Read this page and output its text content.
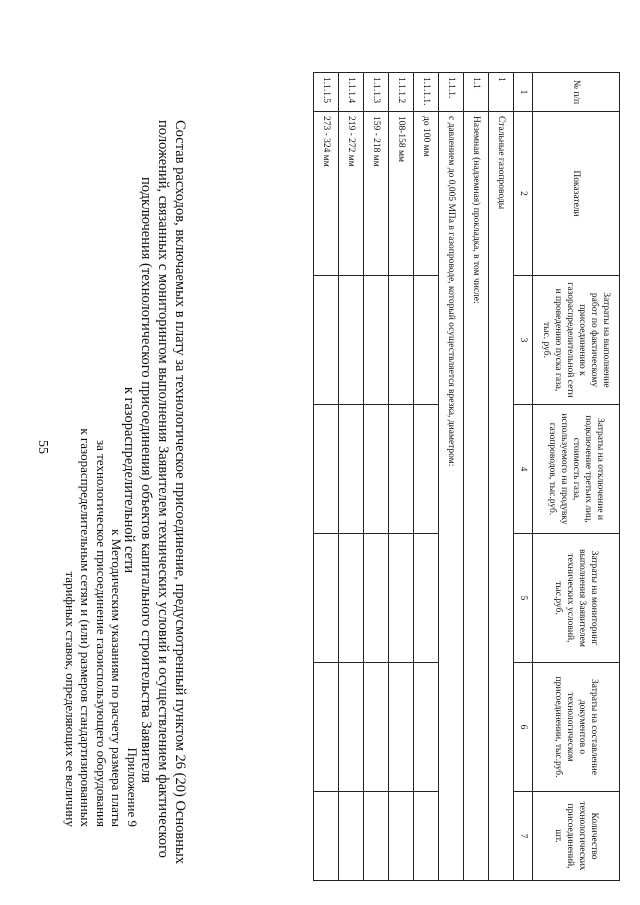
Приложение 9
к Методическим указаниям по расчету размера платы
за технологическое присоединение газоиспользующего оборудования
к газораспределительным сетям и (или) размеров стандартизированных
тарифных ставок, определяющих ее величину	Состав расходов, включаемых в плату за технологическое присоединение, предусмотренный пунктом 26 (20) Основных
положений, связанных с мониторингом выполнения Заявителем технических условий и осуществлением фактического
подключения (технологического присоединения) объектов капитального строительства Заявителя
к газораспределительной сети
55
№ п/п	Показатели	Затраты на выполнение работ по фактическому присоединению к газораспределительной сети и проведению пуска газа, тыс. руб.	Затраты на отключение и подключение третьих лиц, стоимость газа, используемого на продувку газопроводов, тыс.руб.	Затраты на мониторинг выполнения Заявителем технических условий, тыс.руб.	Затраты на составление документов о технологическом присоединении, тыс.руб.	Количество технологических присоединений, шт.
1	2	3	4	5	6	7
1	Стальные газопроводы					
1.1	Наземная (надземная) прокладка, в том числе:					
1.1.1.	с давлением до 0,005 МПа в газопроводе, который осуществляется врезка, диаметром:					
1.1.1.1.	до 100 мм					
1.1.1.2	108-158 мм					
1.1.1.3	159 - 218 мм					
1.1.1.4	219 - 272 мм					
1.1.1.5	273 - 324 мм					
